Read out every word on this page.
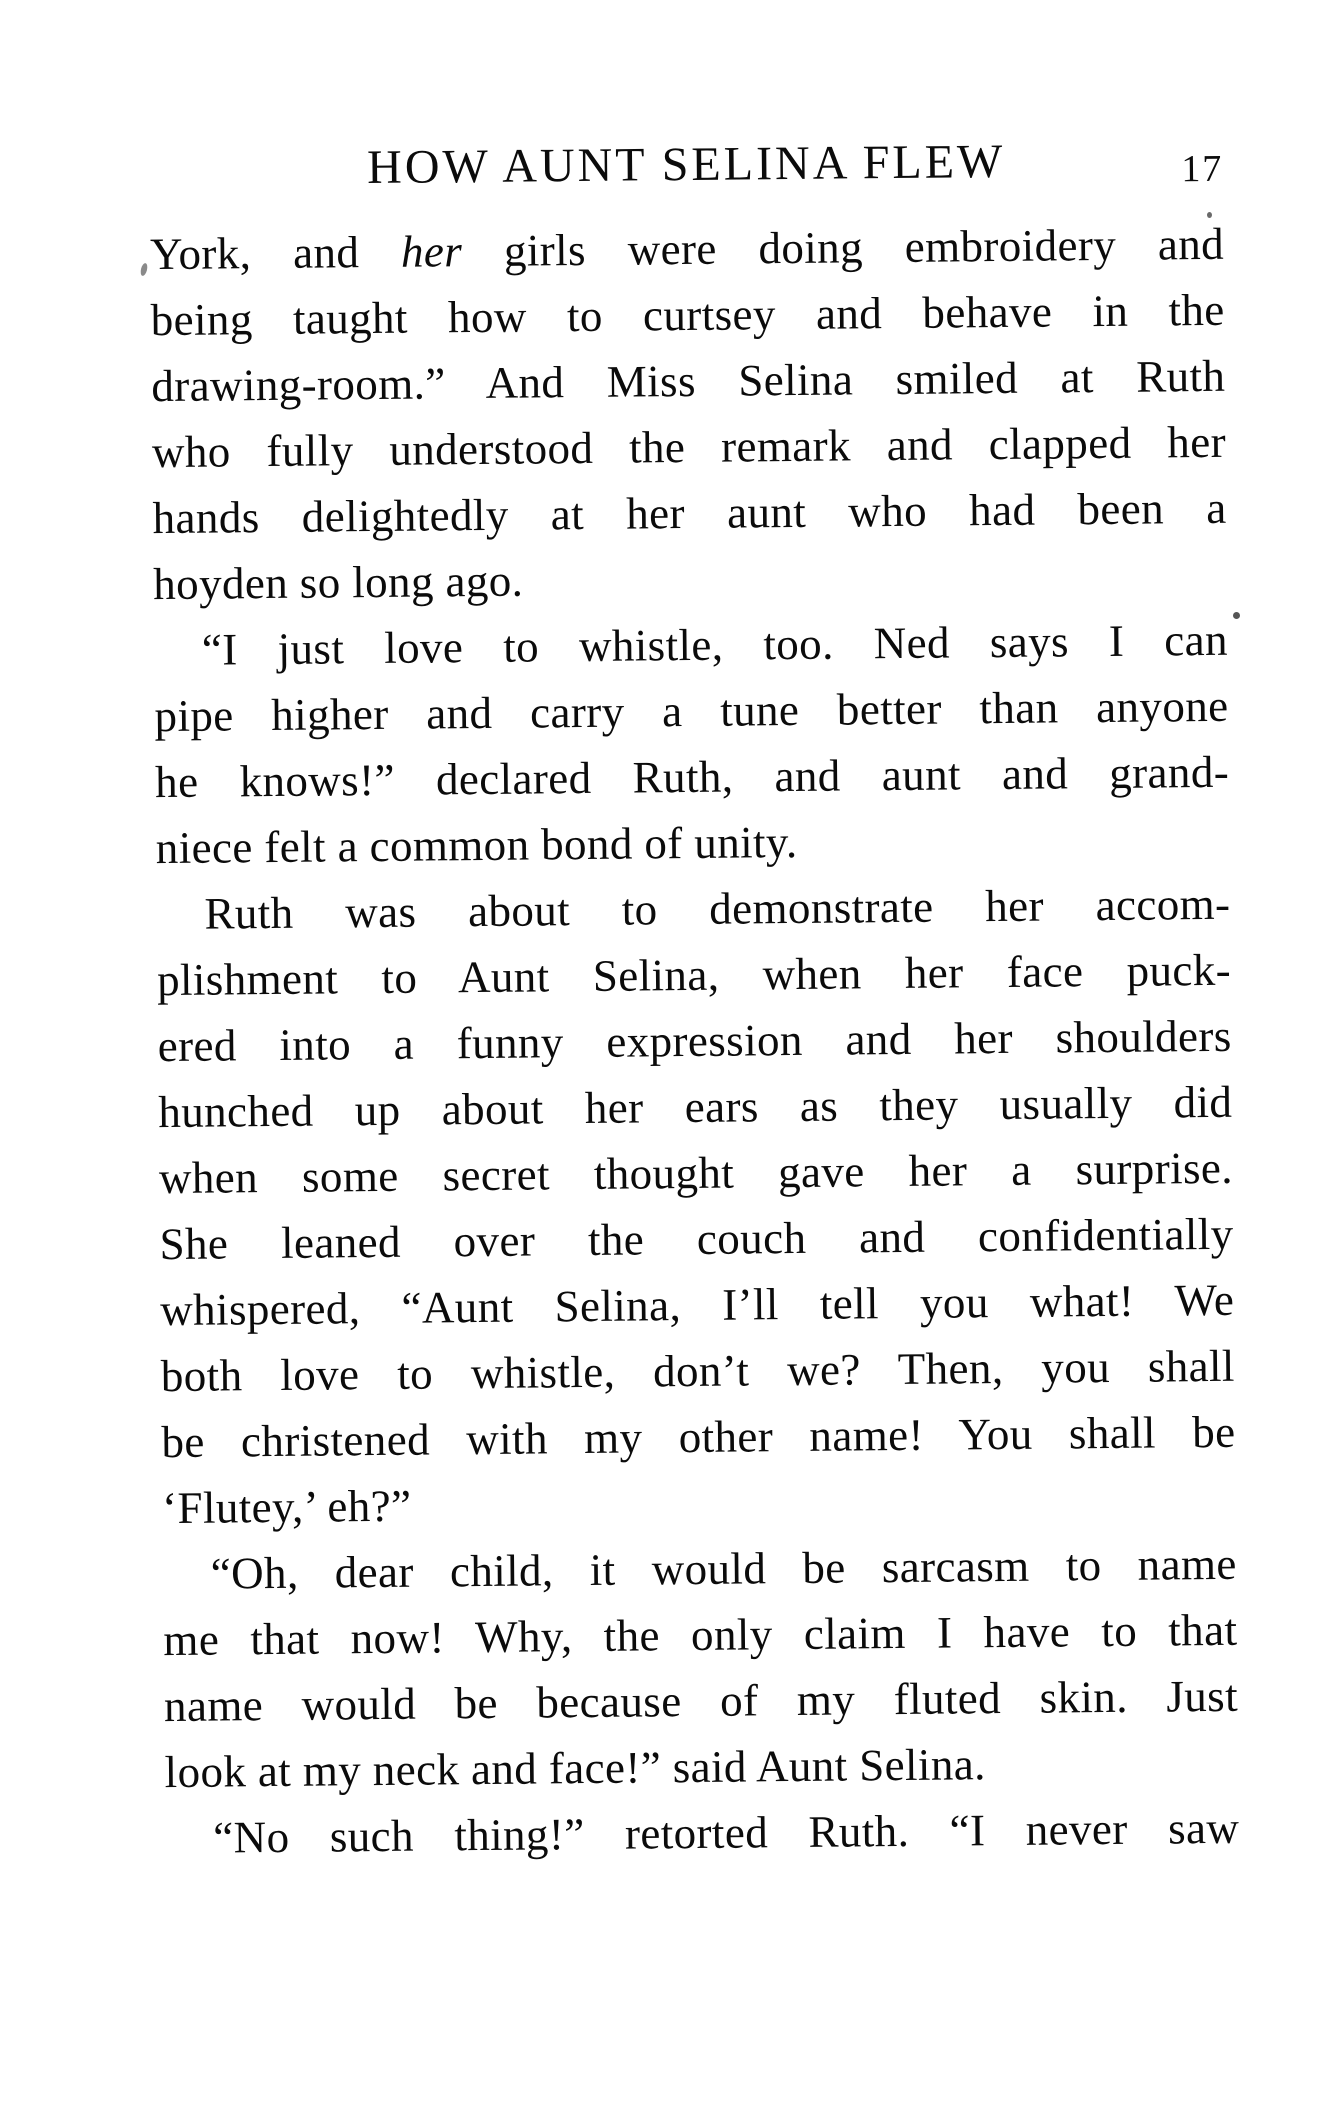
HOW AUNT SELINA FLEW	17
York, and her girls were doing embroidery and
being taught how to curtsey and behave in the
drawing-room.” And Miss Selina smiled at Ruth
who fully understood the remark and clapped her
hands delightedly at her aunt who had been a
hoyden so long ago.
“I just love to whistle, too. Ned says I can
pipe higher and carry a tune better than anyone
he knows!” declared Ruth, and aunt and grand-
niece felt a common bond of unity.
Ruth was about to demonstrate her accom-
plishment to Aunt Selina, when her face puck-
ered into a funny expression and her shoulders
hunched up about her ears as they usually did
when some secret thought gave her a surprise.
She leaned over the couch and confidentially
whispered, “Aunt Selina, I’ll tell you what! We
both love to whistle, don’t we? Then, you shall
be christened with my other name! You shall be
‘Flutey,’ eh?”
“Oh, dear child, it would be sarcasm to name
me that now! Why, the only claim I have to that
name would be because of my fluted skin. Just
look at my neck and face!” said Aunt Selina.
“No such thing!” retorted Ruth. “I never saw
